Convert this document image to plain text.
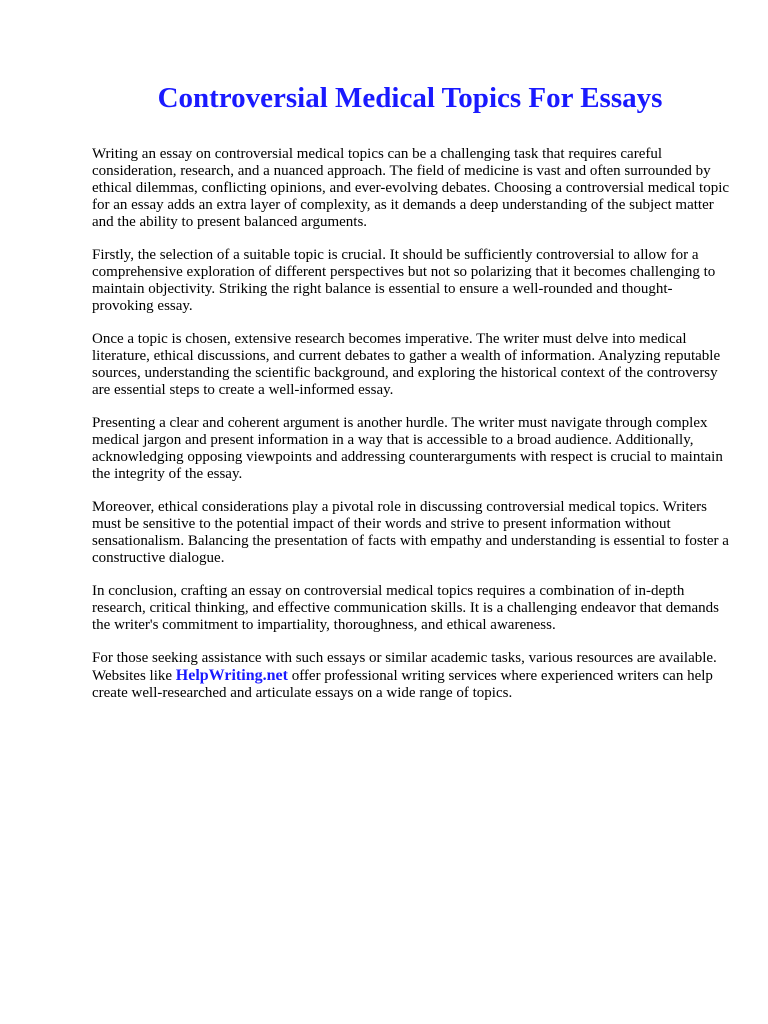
Controversial Medical Topics For Essays

Writing an essay on controversial medical topics can be a challenging task that requires careful consideration, research, and a nuanced approach. The field of medicine is vast and often surrounded by ethical dilemmas, conflicting opinions, and ever-evolving debates. Choosing a controversial medical topic for an essay adds an extra layer of complexity, as it demands a deep understanding of the subject matter and the ability to present balanced arguments.

Firstly, the selection of a suitable topic is crucial. It should be sufficiently controversial to allow for a comprehensive exploration of different perspectives but not so polarizing that it becomes challenging to maintain objectivity. Striking the right balance is essential to ensure a well-rounded and thought-provoking essay.

Once a topic is chosen, extensive research becomes imperative. The writer must delve into medical literature, ethical discussions, and current debates to gather a wealth of information. Analyzing reputable sources, understanding the scientific background, and exploring the historical context of the controversy are essential steps to create a well-informed essay.

Presenting a clear and coherent argument is another hurdle. The writer must navigate through complex medical jargon and present information in a way that is accessible to a broad audience. Additionally, acknowledging opposing viewpoints and addressing counterarguments with respect is crucial to maintain the integrity of the essay.

Moreover, ethical considerations play a pivotal role in discussing controversial medical topics. Writers must be sensitive to the potential impact of their words and strive to present information without sensationalism. Balancing the presentation of facts with empathy and understanding is essential to foster a constructive dialogue.

In conclusion, crafting an essay on controversial medical topics requires a combination of in-depth research, critical thinking, and effective communication skills. It is a challenging endeavor that demands the writer's commitment to impartiality, thoroughness, and ethical awareness.

For those seeking assistance with such essays or similar academic tasks, various resources are available. Websites like HelpWriting.net offer professional writing services where experienced writers can help create well-researched and articulate essays on a wide range of topics.
